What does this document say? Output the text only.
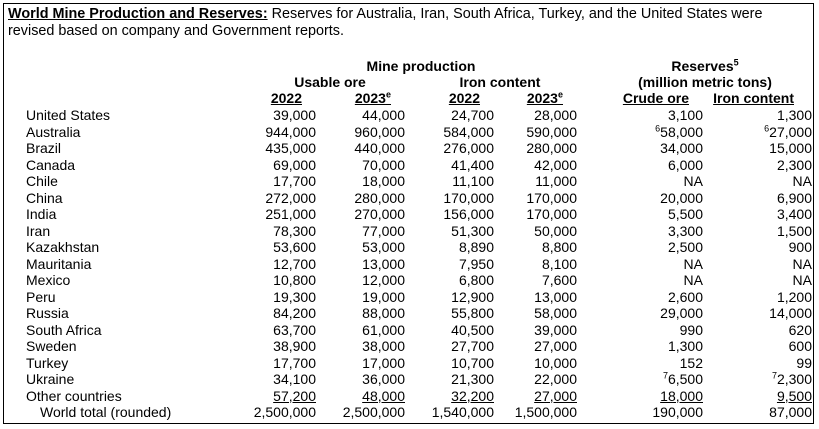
World Mine Production and Reserves: Reserves for Australia, Iran, South Africa, Turkey, and the United States were revised based on company and Government reports.
Mine production
Usable ore	Iron content
Reserves$^5$
(million metric tons)
2022	2023e	2022	2023e	Crude ore	Iron content
United States	39,000	44,000	24,700	28,000	3,100	1,300
Australia	944,000	960,000	584,000	590,000	$^6$58,000	$^6$27,000
Brazil	435,000	440,000	276,000	280,000	34,000	15,000
Canada	69,000	70,000	41,400	42,000	6,000	2,300
Chile	17,700	18,000	11,100	11,000	NA	NA
China	272,000	280,000	170,000	170,000	20,000	6,900
India	251,000	270,000	156,000	170,000	5,500	3,400
Iran	78,300	77,000	51,300	50,000	3,300	1,500
Kazakhstan	53,600	53,000	8,890	8,800	2,500	900
Mauritania	12,700	13,000	7,950	8,100	NA	NA
Mexico	10,800	12,000	6,800	7,600	NA	NA
Peru	19,300	19,000	12,900	13,000	2,600	1,200
Russia	84,200	88,000	55,800	58,000	29,000	14,000
South Africa	63,700	61,000	40,500	39,000	990	620
Sweden	38,900	38,000	27,700	27,000	1,300	600
Turkey	17,700	17,000	10,700	10,000	152	99
Ukraine	34,100	36,000	21,300	22,000	$^7$6,500	$^7$2,300
Other countries	57,200	48,000	32,200	27,000	18,000	9,500
World total (rounded)	2,500,000	2,500,000	1,540,000	1,500,000	190,000	87,000
